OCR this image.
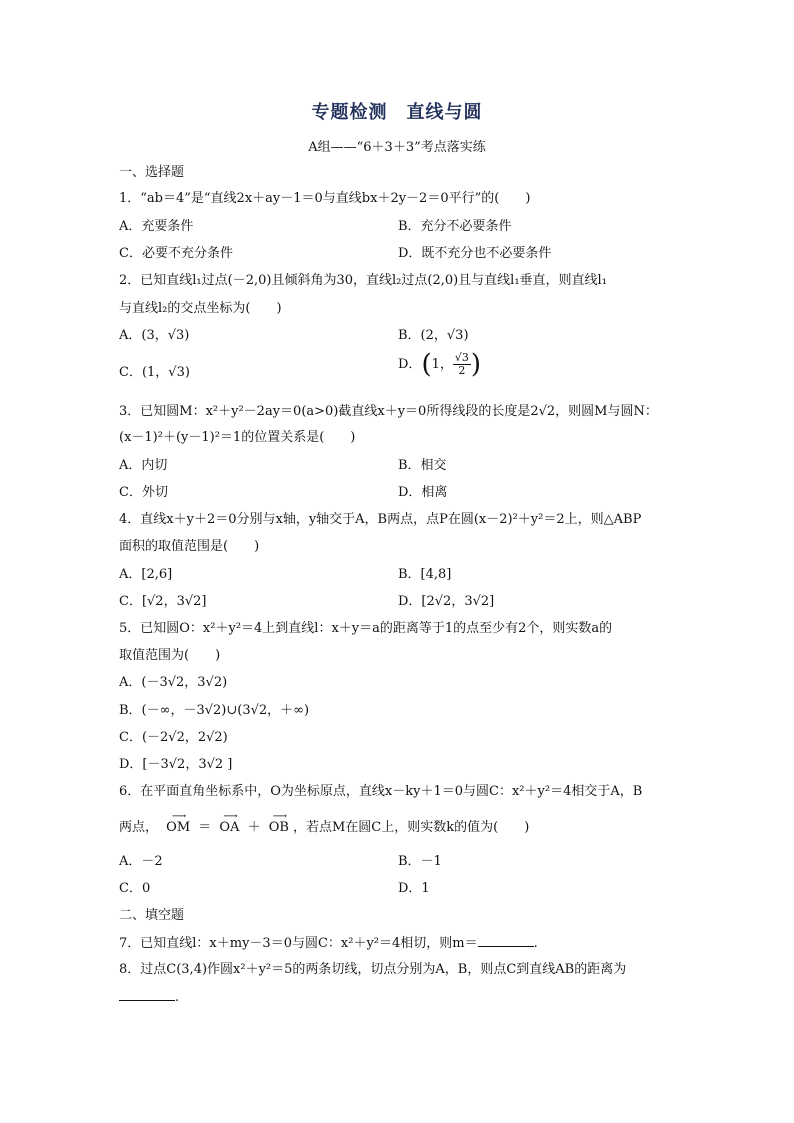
专题检测　直线与圆
A组——“6＋3＋3”考点落实练
一、选择题
1．“ab＝4”是“直线2x＋ay－1＝0与直线bx＋2y－2＝0平行”的(　　)
A．充要条件	B．充分不必要条件
C．必要不充分条件	D．既不充分也不必要条件
2．已知直线l₁过点(－2,0)且倾斜角为30，直线l₂过点(2,0)且与直线l₁垂直，则直线l₁
与直线l₂的交点坐标为(　　)
A．(3，√3)	B．(2，√3)
C．(1，√3)
D．(1， $\frac{√3}{2}$ )
3．已知圆M：x²＋y²－2ay＝0(a>0)截直线x＋y＝0所得线段的长度是2√2，则圆M与圆N：
(x－1)²＋(y－1)²＝1的位置关系是(　　)
A．内切	B．相交
C．外切	D．相离
4．直线x＋y＋2＝0分别与x轴，y轴交于A，B两点，点P在圆(x－2)²＋y²＝2上，则△ABP
面积的取值范围是(　　)
A．[2,6]	B．[4,8]
C．[√2，3√2]	D．[2√2，3√2]
5．已知圆O：x²＋y²＝4上到直线l：x＋y＝a的距离等于1的点至少有2个，则实数a的
取值范围为(　　)
A．(－3√2，3√2)
B．(－∞，－3√2)∪(3√2，＋∞)
C．(－2√2，2√2)
D．[－3√2，3√2 ]
6．在平面直角坐标系中，O为坐标原点，直线x－ky＋1＝0与圆C：x²＋y²＝4相交于A，B
两点， ⟶ OM ＝ ⟶ OA ＋ ⟶ OB ，若点M在圆C上，则实数k的值为(　　)
A．－2	B．－1
C．0	D．1
二、填空题
7．已知直线l：x＋my－3＝0与圆C：x²＋y²＝4相切，则m＝	.
8．过点C(3,4)作圆x²＋y²＝5的两条切线，切点分别为A，B，则点C到直线AB的距离为
.
